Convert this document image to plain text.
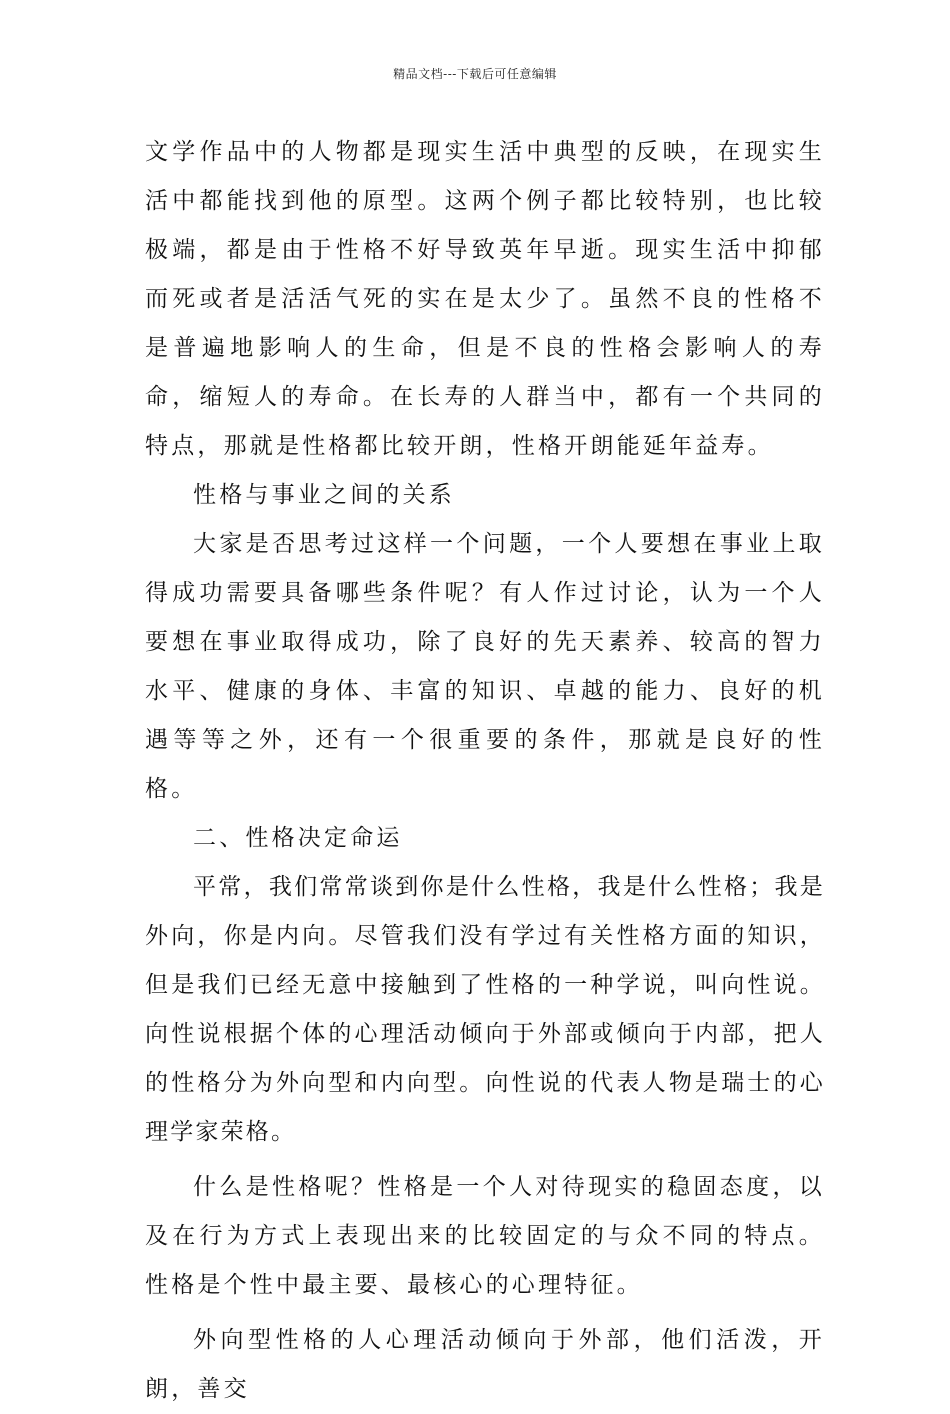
精品文档---下载后可任意编辑

文学作品中的人物都是现实生活中典型的反映，在现实生活中都能找到他的原型。这两个例子都比较特别，也比较极端，都是由于性格不好导致英年早逝。现实生活中抑郁而死或者是活活气死的实在是太少了。虽然不良的性格不是普遍地影响人的生命，但是不良的性格会影响人的寿命，缩短人的寿命。在长寿的人群当中，都有一个共同的特点，那就是性格都比较开朗，性格开朗能延年益寿。

性格与事业之间的关系

大家是否思考过这样一个问题，一个人要想在事业上取得成功需要具备哪些条件呢？有人作过讨论，认为一个人要想在事业取得成功，除了良好的先天素养、较高的智力水平、健康的身体、丰富的知识、卓越的能力、良好的机遇等等之外，还有一个很重要的条件，那就是良好的性格。

二、性格决定命运

平常，我们常常谈到你是什么性格，我是什么性格；我是外向，你是内向。尽管我们没有学过有关性格方面的知识，但是我们已经无意中接触到了性格的一种学说，叫向性说。向性说根据个体的心理活动倾向于外部或倾向于内部，把人的性格分为外向型和内向型。向性说的代表人物是瑞士的心理学家荣格。

什么是性格呢？性格是一个人对待现实的稳固态度，以及在行为方式上表现出来的比较固定的与众不同的特点。性格是个性中最主要、最核心的心理特征。

外向型性格的人心理活动倾向于外部，他们活泼，开朗，善交
